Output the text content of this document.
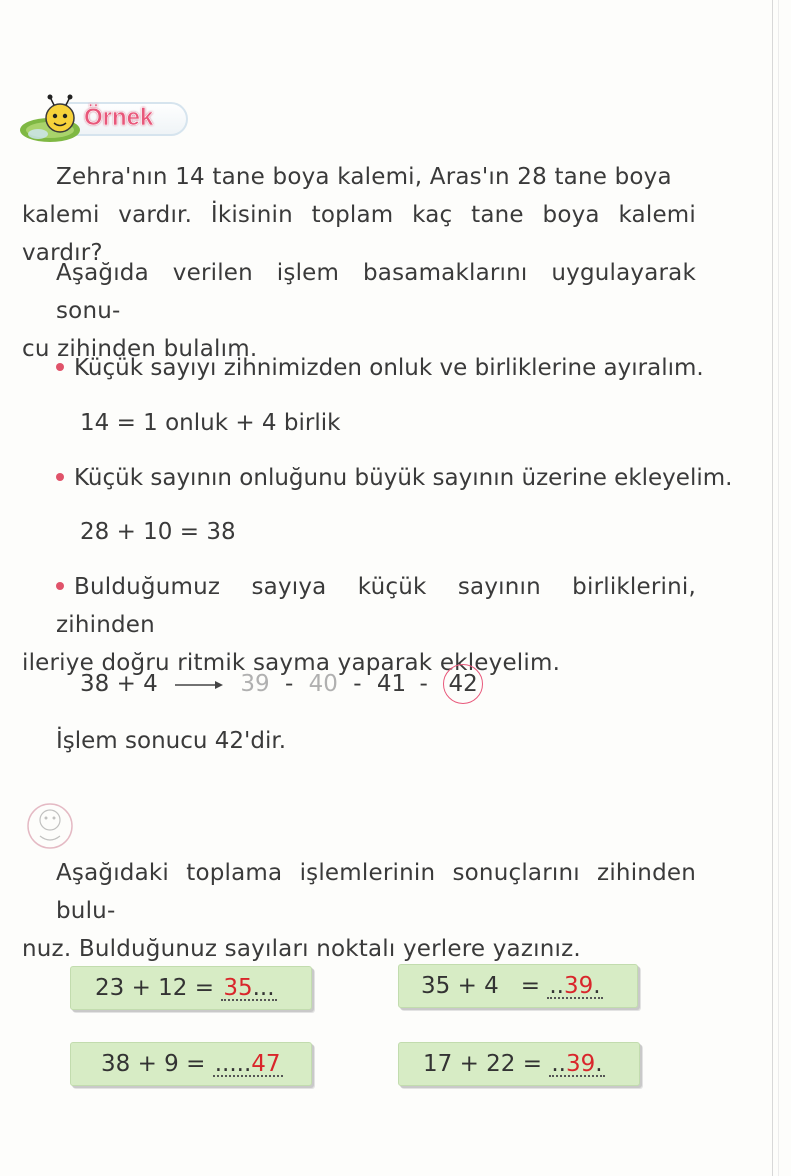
Örnek
Zehra'nın 14 tane boya kalemi, Aras'ın 28 tane boya
kalemi vardır. İkisinin toplam kaç tane boya kalemi vardır?
Aşağıda verilen işlem basamaklarını uygulayarak sonu-
cu zihinden bulalım.
Küçük sayıyı zihnimizden onluk ve birliklerine ayıralım.
14 = 1 onluk + 4 birlik
Küçük sayının onluğunu büyük sayının üzerine ekleyelim.
28 + 10 = 38
Bulduğumuz sayıya küçük sayının birliklerini, zihinden
ileriye doğru ritmik sayma yaparak ekleyelim.
38 + 4	39 - 40 - 41 - 42
İşlem sonucu 42'dir.
Aşağıdaki toplama işlemlerinin sonuçlarını zihinden bulu-
nuz. Bulduğunuz sayıları noktalı yerlere yazınız.
23 + 12 = 35...	35 + 4   = ..39.
38 + 9 = .....47	17 + 22 = ..39.
